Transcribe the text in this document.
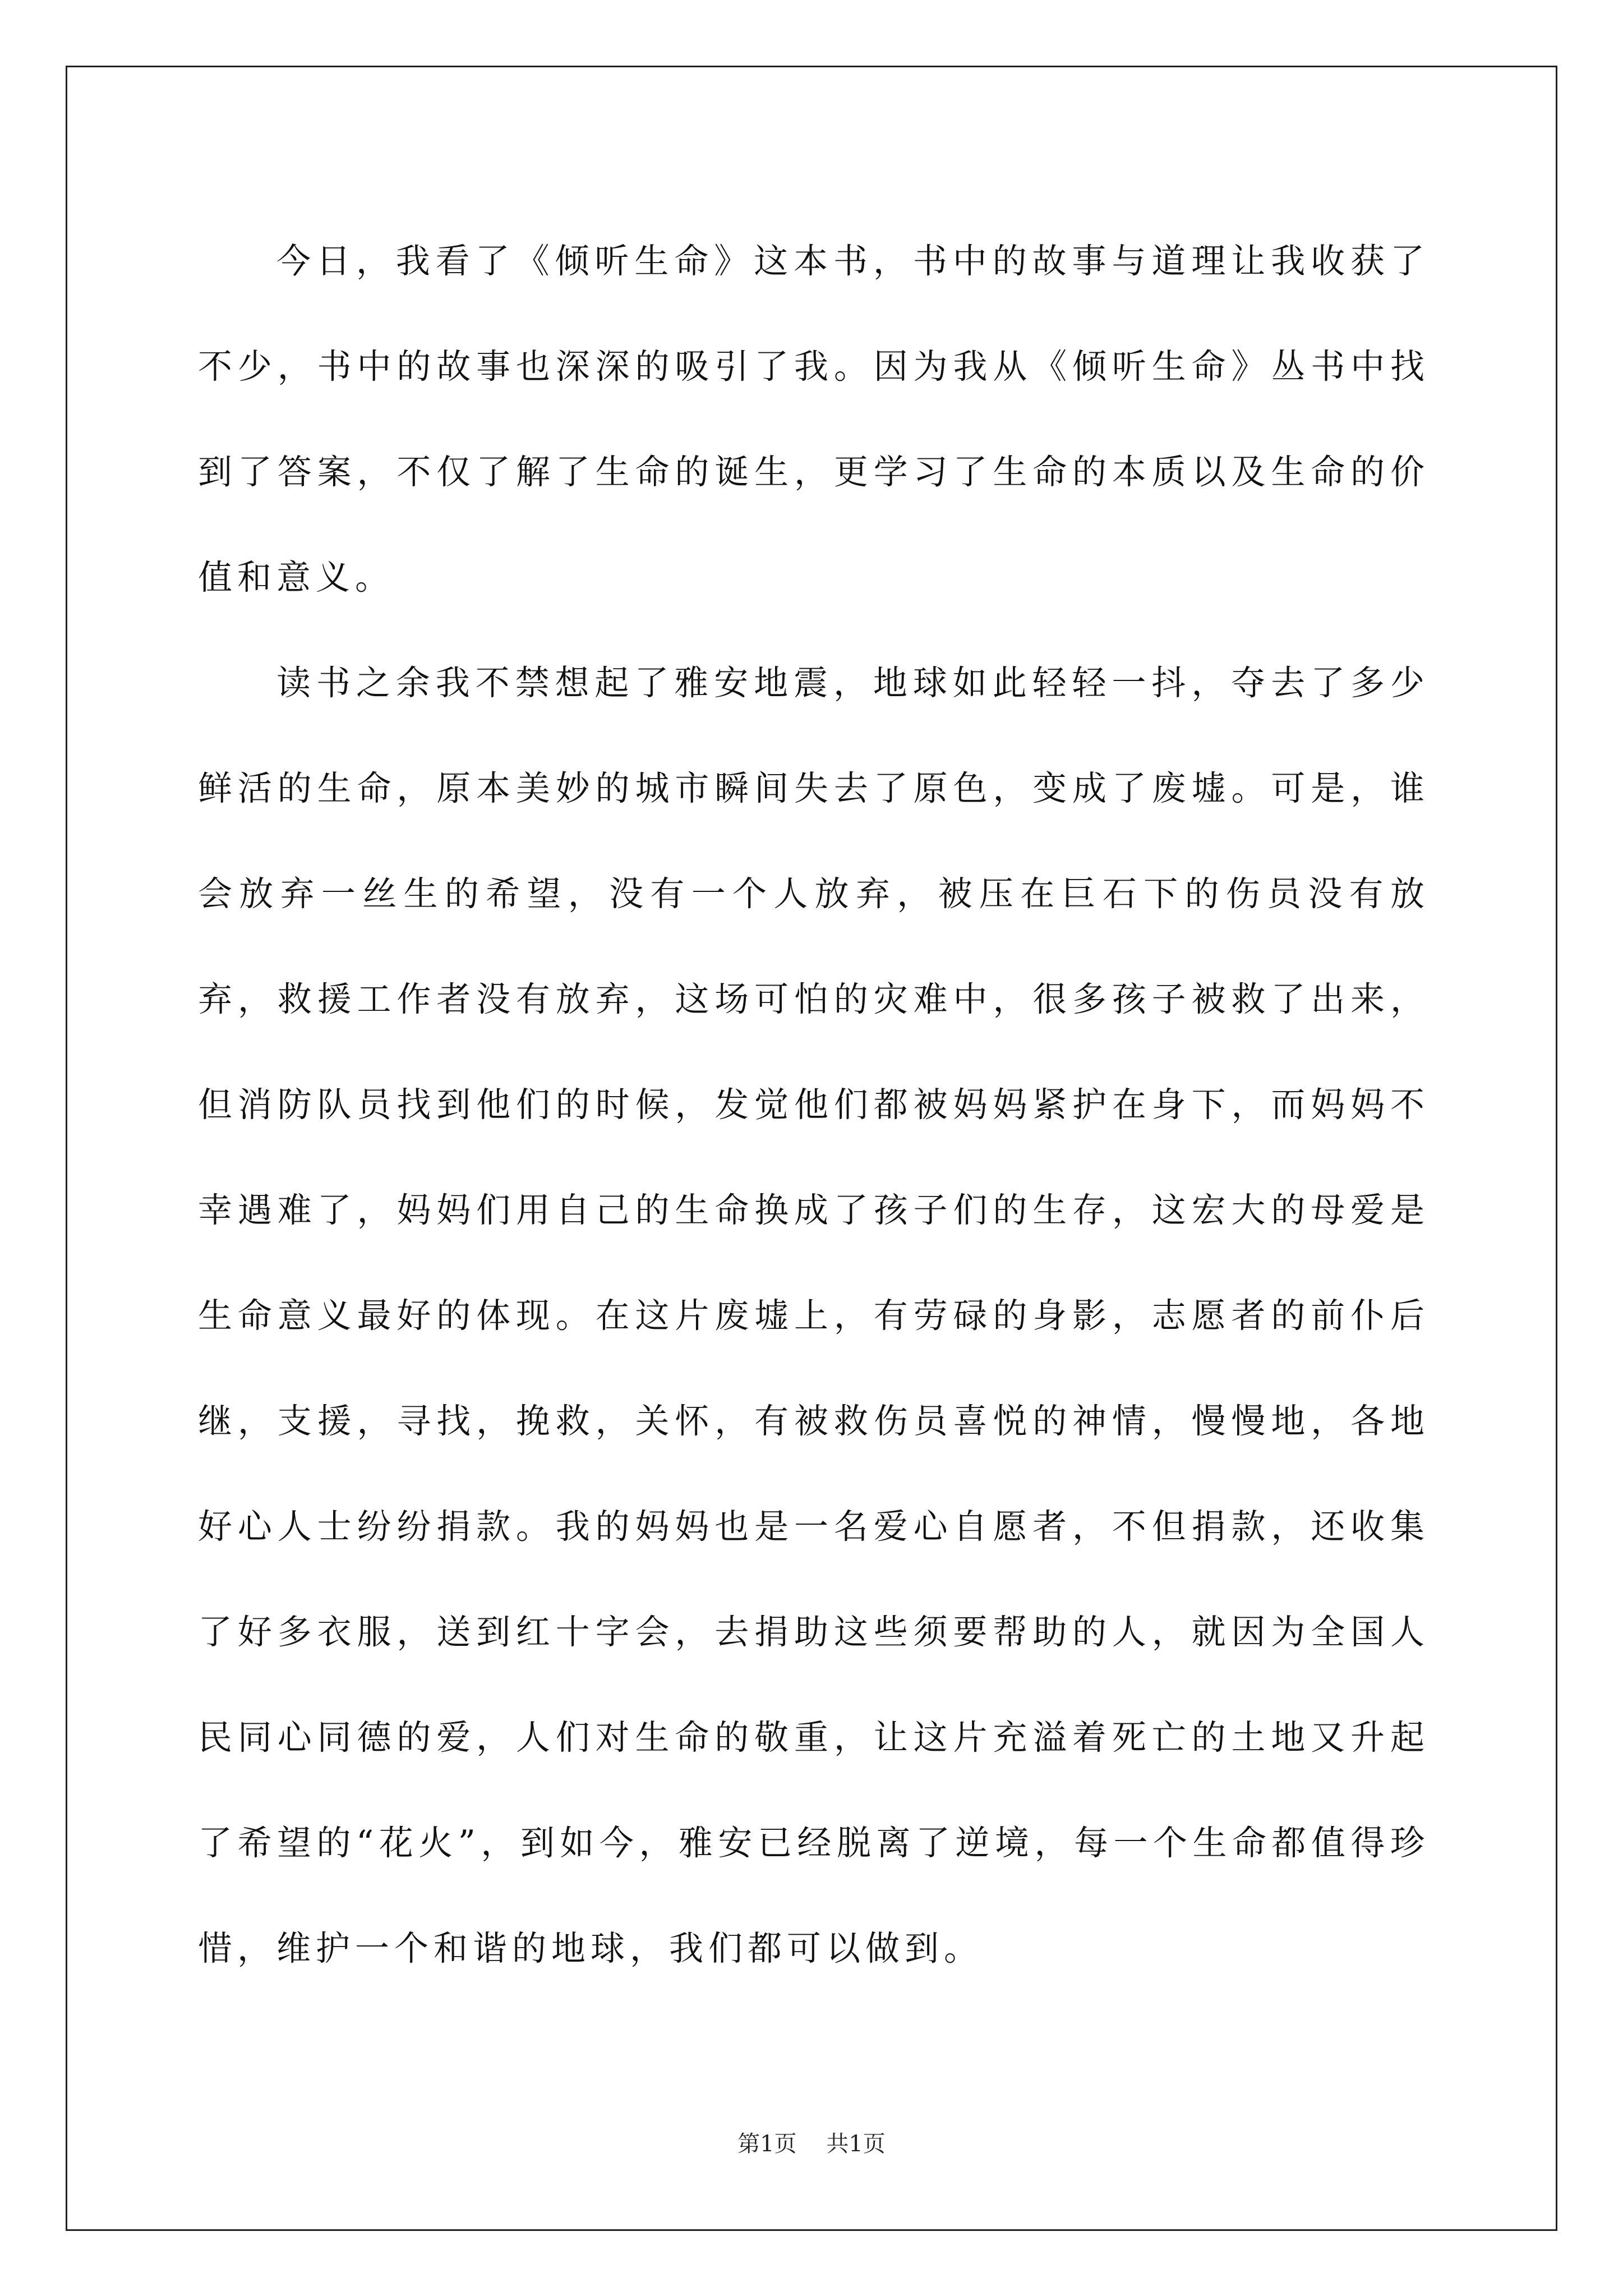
今日，我看了《倾听生命》这本书，书中的故事与道理让我收获了不少，书中的故事也深深的吸引了我。因为我从《倾听生命》丛书中找到了答案，不仅了解了生命的诞生，更学习了生命的本质以及生命的价值和意义。

读书之余我不禁想起了雅安地震，地球如此轻轻一抖，夺去了多少鲜活的生命，原本美妙的城市瞬间失去了原色，变成了废墟。可是，谁会放弃一丝生的希望，没有一个人放弃，被压在巨石下的伤员没有放弃，救援工作者没有放弃，这场可怕的灾难中，很多孩子被救了出来，但消防队员找到他们的时候，发觉他们都被妈妈紧护在身下，而妈妈不幸遇难了，妈妈们用自己的生命换成了孩子们的生存，这宏大的母爱是生命意义最好的体现。在这片废墟上，有劳碌的身影，志愿者的前仆后继，支援，寻找，挽救，关怀，有被救伤员喜悦的神情，慢慢地，各地好心人士纷纷捐款。我的妈妈也是一名爱心自愿者，不但捐款，还收集了好多衣服，送到红十字会，去捐助这些须要帮助的人，就因为全国人民同心同德的爱，人们对生命的敬重，让这片充溢着死亡的土地又升起了希望的“花火”，到如今，雅安已经脱离了逆境，每一个生命都值得珍惜，维护一个和谐的地球，我们都可以做到。

第1页 共1页
